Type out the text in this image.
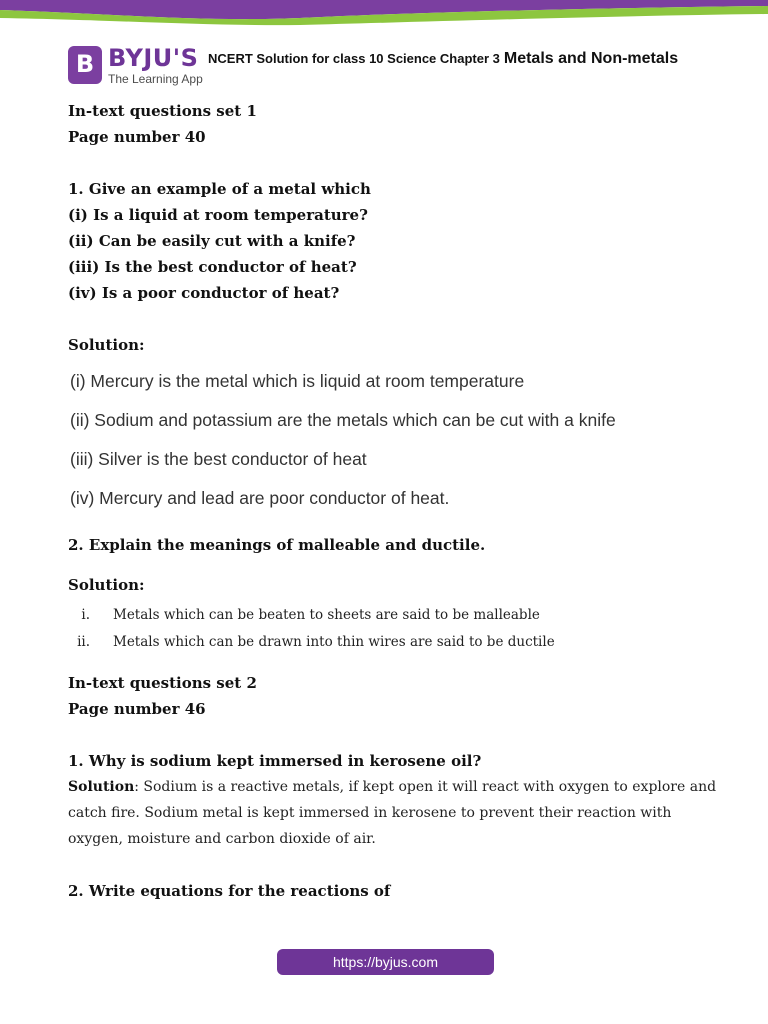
B BYJU'S
The Learning App
NCERT Solution for class 10 Science Chapter 3 Metals and Non-metals
In-text questions set 1
Page number 40
1. Give an example of a metal which
(i) Is a liquid at room temperature?
(ii) Can be easily cut with a knife?
(iii) Is the best conductor of heat?
(iv) Is a poor conductor of heat?
Solution:
(i) Mercury is the metal which is liquid at room temperature
(ii) Sodium and potassium are the metals which can be cut with a knife
(iii) Silver is the best conductor of heat
(iv) Mercury and lead are poor conductor of heat.
2. Explain the meanings of malleable and ductile.
Solution:
i. Metals which can be beaten to sheets are said to be malleable
ii. Metals which can be drawn into thin wires are said to be ductile
In-text questions set 2
Page number 46
1. Why is sodium kept immersed in kerosene oil?

Solution: Sodium is a reactive metals, if kept open it will react with oxygen to explore and catch fire. Sodium metal is kept immersed in kerosene to prevent their reaction with oxygen, moisture and carbon dioxide of air.

2. Write equations for the reactions of
https://byjus.com
